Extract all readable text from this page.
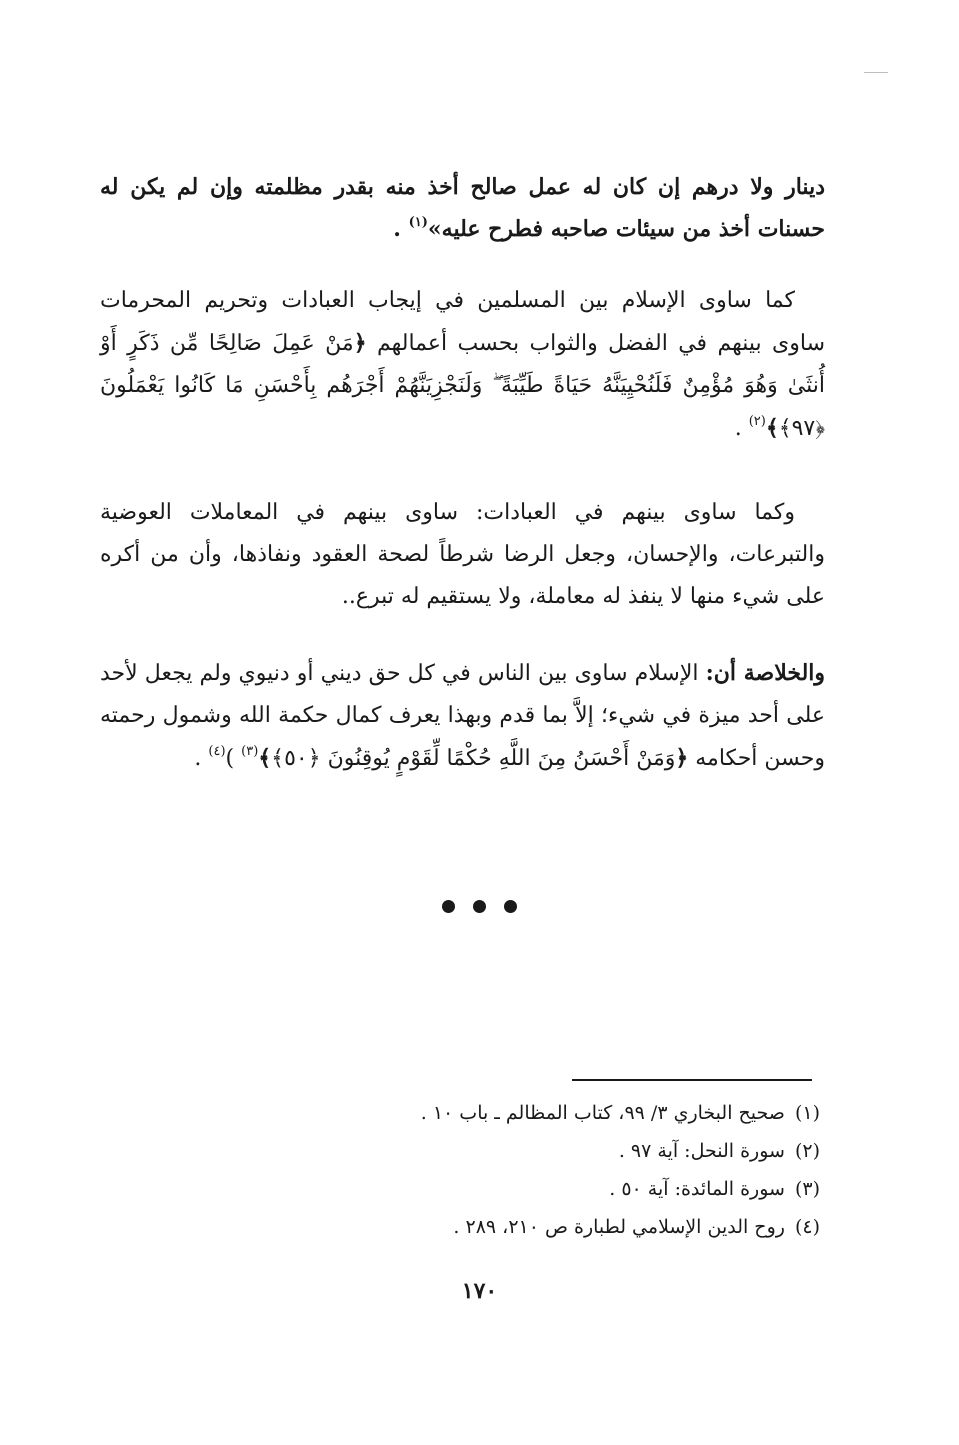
دينار ولا درهم إن كان له عمل صالح أخذ منه بقدر مظلمته وإن لم يكن له حسنات أخذ من سيئات صاحبه فطرح عليه»$^{(١)}$ .
كما ساوى الإسلام بين المسلمين في إيجاب العبادات وتحريم المحرمات ساوى بينهم في الفضل والثواب بحسب أعمالهم ﴿مَنْ عَمِلَ صَالِحًا مِّن ذَكَرٍ أَوْ أُنثَىٰ وَهُوَ مُؤْمِنٌ فَلَنُحْيِيَنَّهُ حَيَاةً طَيِّبَةً ۖ وَلَنَجْزِيَنَّهُمْ أَجْرَهُم بِأَحْسَنِ مَا كَانُوا يَعْمَلُونَ ﴿٩٧﴾﴾$^{(٢)}$ .
وكما ساوى بينهم في العبادات: ساوى بينهم في المعاملات العوضية والتبرعات، والإحسان، وجعل الرضا شرطاً لصحة العقود ونفاذها، وأن من أكره على شيء منها لا ينفذ له معاملة، ولا يستقيم له تبرع..
والخلاصة أن: الإسلام ساوى بين الناس في كل حق ديني أو دنيوي ولم يجعل لأحد على أحد ميزة في شيء؛ إلاَّ بما قدم وبهذا يعرف كمال حكمة الله وشمول رحمته وحسن أحكامه ﴿وَمَنْ أَحْسَنُ مِنَ اللَّهِ حُكْمًا لِّقَوْمٍ يُوقِنُونَ ﴿٥٠﴾﴾$^{(٣)}$ )$^{(٤)}$ .
(١)صحيح البخاري ٣/ ٩٩، كتاب المظالم ـ باب ١٠ .
(٢)سورة النحل: آية ٩٧ .
(٣)سورة المائدة: آية ٥٠ .
(٤)روح الدين الإسلامي لطبارة ص ٢١٠، ٢٨٩ .
١٧٠
